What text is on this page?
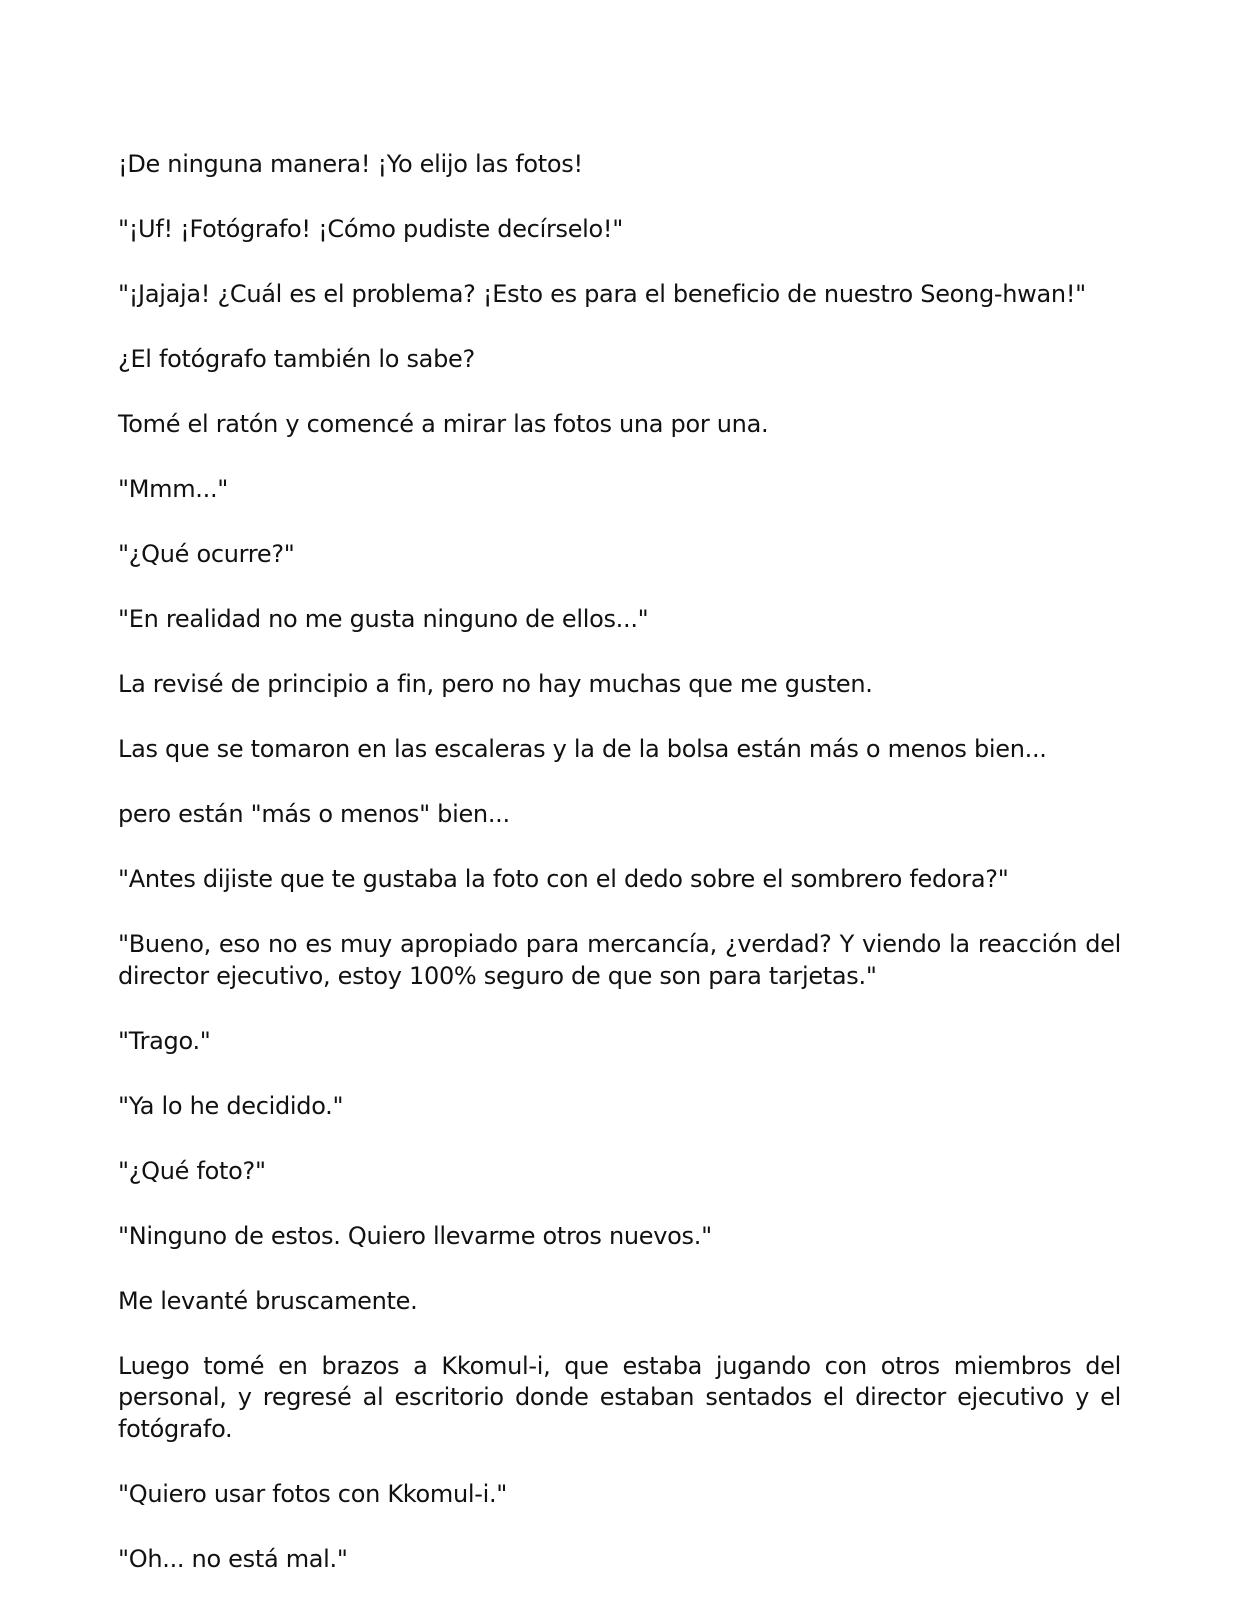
¡De ninguna manera! ¡Yo elijo las fotos!

"¡Uf! ¡Fotógrafo! ¡Cómo pudiste decírselo!"

"¡Jajaja! ¿Cuál es el problema? ¡Esto es para el beneficio de nuestro Seong-hwan!"

¿El fotógrafo también lo sabe?

Tomé el ratón y comencé a mirar las fotos una por una.

"Mmm..."

"¿Qué ocurre?"

"En realidad no me gusta ninguno de ellos..."

La revisé de principio a fin, pero no hay muchas que me gusten.

Las que se tomaron en las escaleras y la de la bolsa están más o menos bien...

pero están "más o menos" bien...

"Antes dijiste que te gustaba la foto con el dedo sobre el sombrero fedora?"

"Bueno, eso no es muy apropiado para mercancía, ¿verdad? Y viendo la reacción del director ejecutivo, estoy 100% seguro de que son para tarjetas."

"Trago."

"Ya lo he decidido."

"¿Qué foto?"

"Ninguno de estos. Quiero llevarme otros nuevos."

Me levanté bruscamente.

Luego tomé en brazos a Kkomul-i, que estaba jugando con otros miembros del personal, y regresé al escritorio donde estaban sentados el director ejecutivo y el fotógrafo.

"Quiero usar fotos con Kkomul-i."

"Oh... no está mal."
